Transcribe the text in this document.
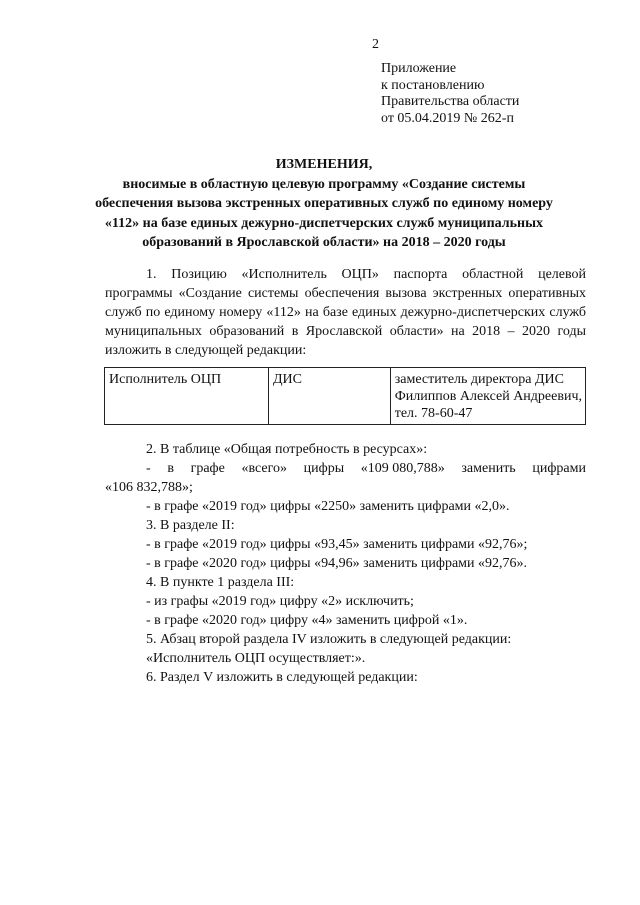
2
Приложение
к постановлению
Правительства области
от 05.04.2019 № 262-п
ИЗМЕНЕНИЯ,
вносимые в областную целевую программу «Создание системы
обеспечения вызова экстренных оперативных служб по единому номеру
«112» на базе единых дежурно-диспетчерских служб муниципальных
образований в Ярославской области» на 2018 – 2020 годы
1. Позицию «Исполнитель ОЦП» паспорта областной целевой программы «Создание системы обеспечения вызова экстренных оперативных служб по единому номеру «112» на базе единых дежурно-диспетчерских служб муниципальных образований в Ярославской области» на 2018 – 2020 годы изложить в следующей редакции:
Исполнитель ОЦП	ДИС	заместитель директора ДИС
Филиппов Алексей Андреевич,
тел. 78-60-47
2. В таблице «Общая потребность в ресурсах»:
- в графе «всего» цифры «109 080,788» заменить цифрами
«106 832,788»;
- в графе «2019 год» цифры «2250» заменить цифрами «2,0».
3. В разделе II:
- в графе «2019 год» цифры «93,45» заменить цифрами «92,76»;
- в графе «2020 год» цифры «94,96» заменить цифрами «92,76».
4. В пункте 1 раздела III:
- из графы «2019 год» цифру «2» исключить;
- в графе «2020 год» цифру «4» заменить цифрой «1».
5. Абзац второй раздела IV изложить в следующей редакции:
«Исполнитель ОЦП осуществляет:».
6. Раздел V изложить в следующей редакции:
